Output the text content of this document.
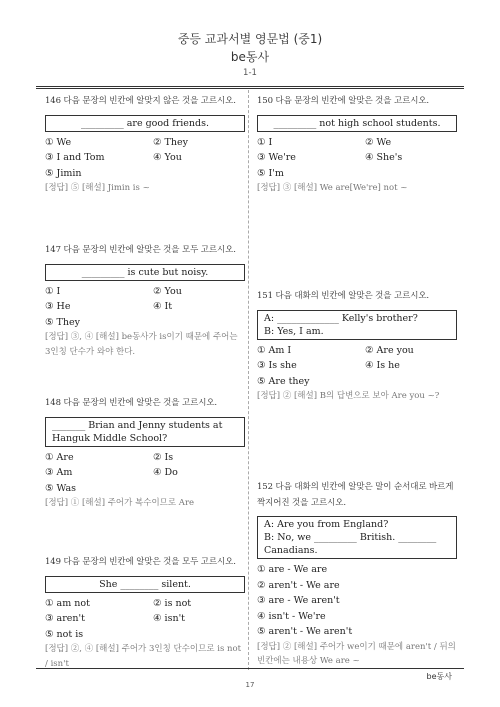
중등 교과서별 영문법 (중1)
be동사
1-1
146 다음 문장의 빈칸에 알맞지 않은 것을 고르시오.
_________ are good friends.
① We	② They
③ I and Tom	④ You
⑤ Jimin
[정답] ⑤ [해설] Jimin is ~
147 다음 문장의 빈칸에 알맞은 것을 모두 고르시오.
_________ is cute but noisy.
① I	② You
③ He	④ It
⑤ They
[정답] ③, ④ [해설] be동사가 is이기 때문에 주어는 3인칭 단수가 와야 한다.
148 다음 문장의 빈칸에 알맞은 것을 고르시오.
_______ Brian and Jenny students at Hanguk Middle School?
① Are	② Is
③ Am	④ Do
⑤ Was
[정답] ① [해설] 주어가 복수이므로 Are
149 다음 문장의 빈칸에 알맞은 것을 모두 고르시오.
She ________ silent.
① am not	② is not
③ aren't	④ isn't
⑤ not is
[정답] ②, ④ [해설] 주어가 3인칭 단수이므로 is not / isn't
150 다음 문장의 빈칸에 알맞은 것을 고르시오.
_________ not high school students.
① I	② We
③ We're	④ She's
⑤ I'm
[정답] ③ [해설] We are[We're] not ~
151 다음 대화의 빈칸에 알맞은 것을 고르시오.
A: _____________ Kelly's brother?
B: Yes, I am.
① Am I	② Are you
③ Is she	④ Is he
⑤ Are they
[정답] ② [해설] B의 답변으로 보아 Are you ~?
152 다음 대화의 빈칸에 알맞은 말이 순서대로 바르게 짝지어진 것을 고르시오.
A: Are you from England?
B: No, we _________ British. ________ Canadians.
① are - We are
② aren't - We are
③ are - We aren't
④ isn't - We're
⑤ aren't - We aren't
[정답] ② [해설] 주어가 we이기 때문에 aren't / 뒤의 빈칸에는 내용상 We are ~
be동사
17
